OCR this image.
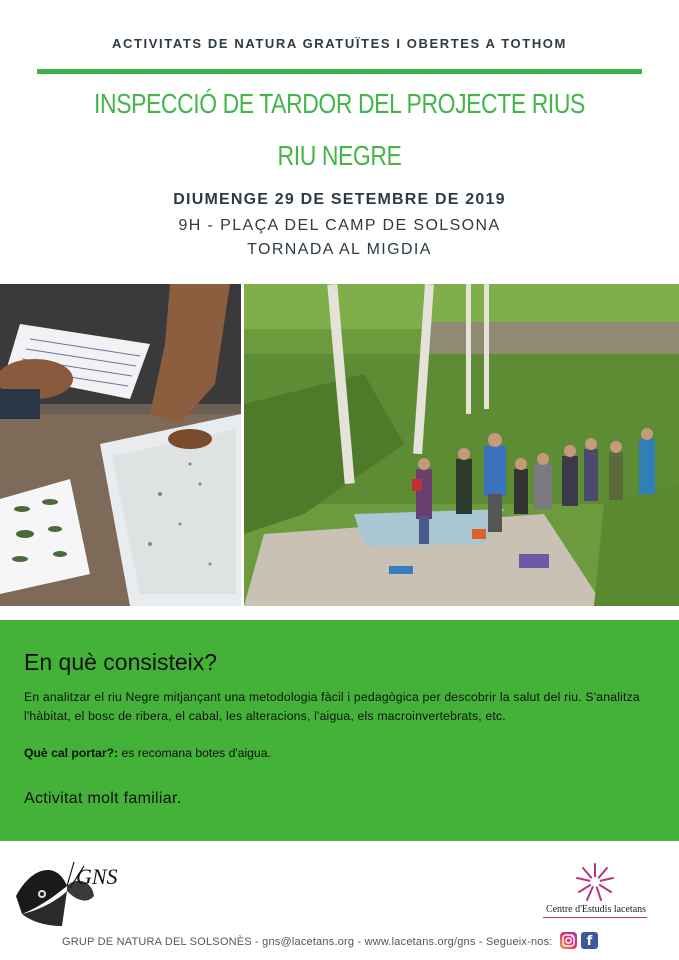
ACTIVITATS DE NATURA GRATUÏTES I OBERTES A TOTHOM
INSPECCIÓ DE TARDOR DEL PROJECTE RIUS
RIU NEGRE
DIUMENGE 29 DE SETEMBRE DE 2019
9H - PLAÇA DEL CAMP DE SOLSONA
TORNADA AL MIGDIA
En què consisteix?
En analitzar el riu Negre mitjançant una metodologia fàcil i pedagògica per descobrir la salut del riu. S'analitza l'hàbitat, el bosc de ribera, el cabal, les alteracions, l'aigua, els macroinvertebrats, etc.
Què cal portar?: es recomana botes d'aigua.
Activitat molt familiar.
GNS
Centre d'Estudis lacetans
GRUP DE NATURA DEL SOLSONÈS - gns@lacetans.org - www.lacetans.org/gns - Segueix-nos:	f
